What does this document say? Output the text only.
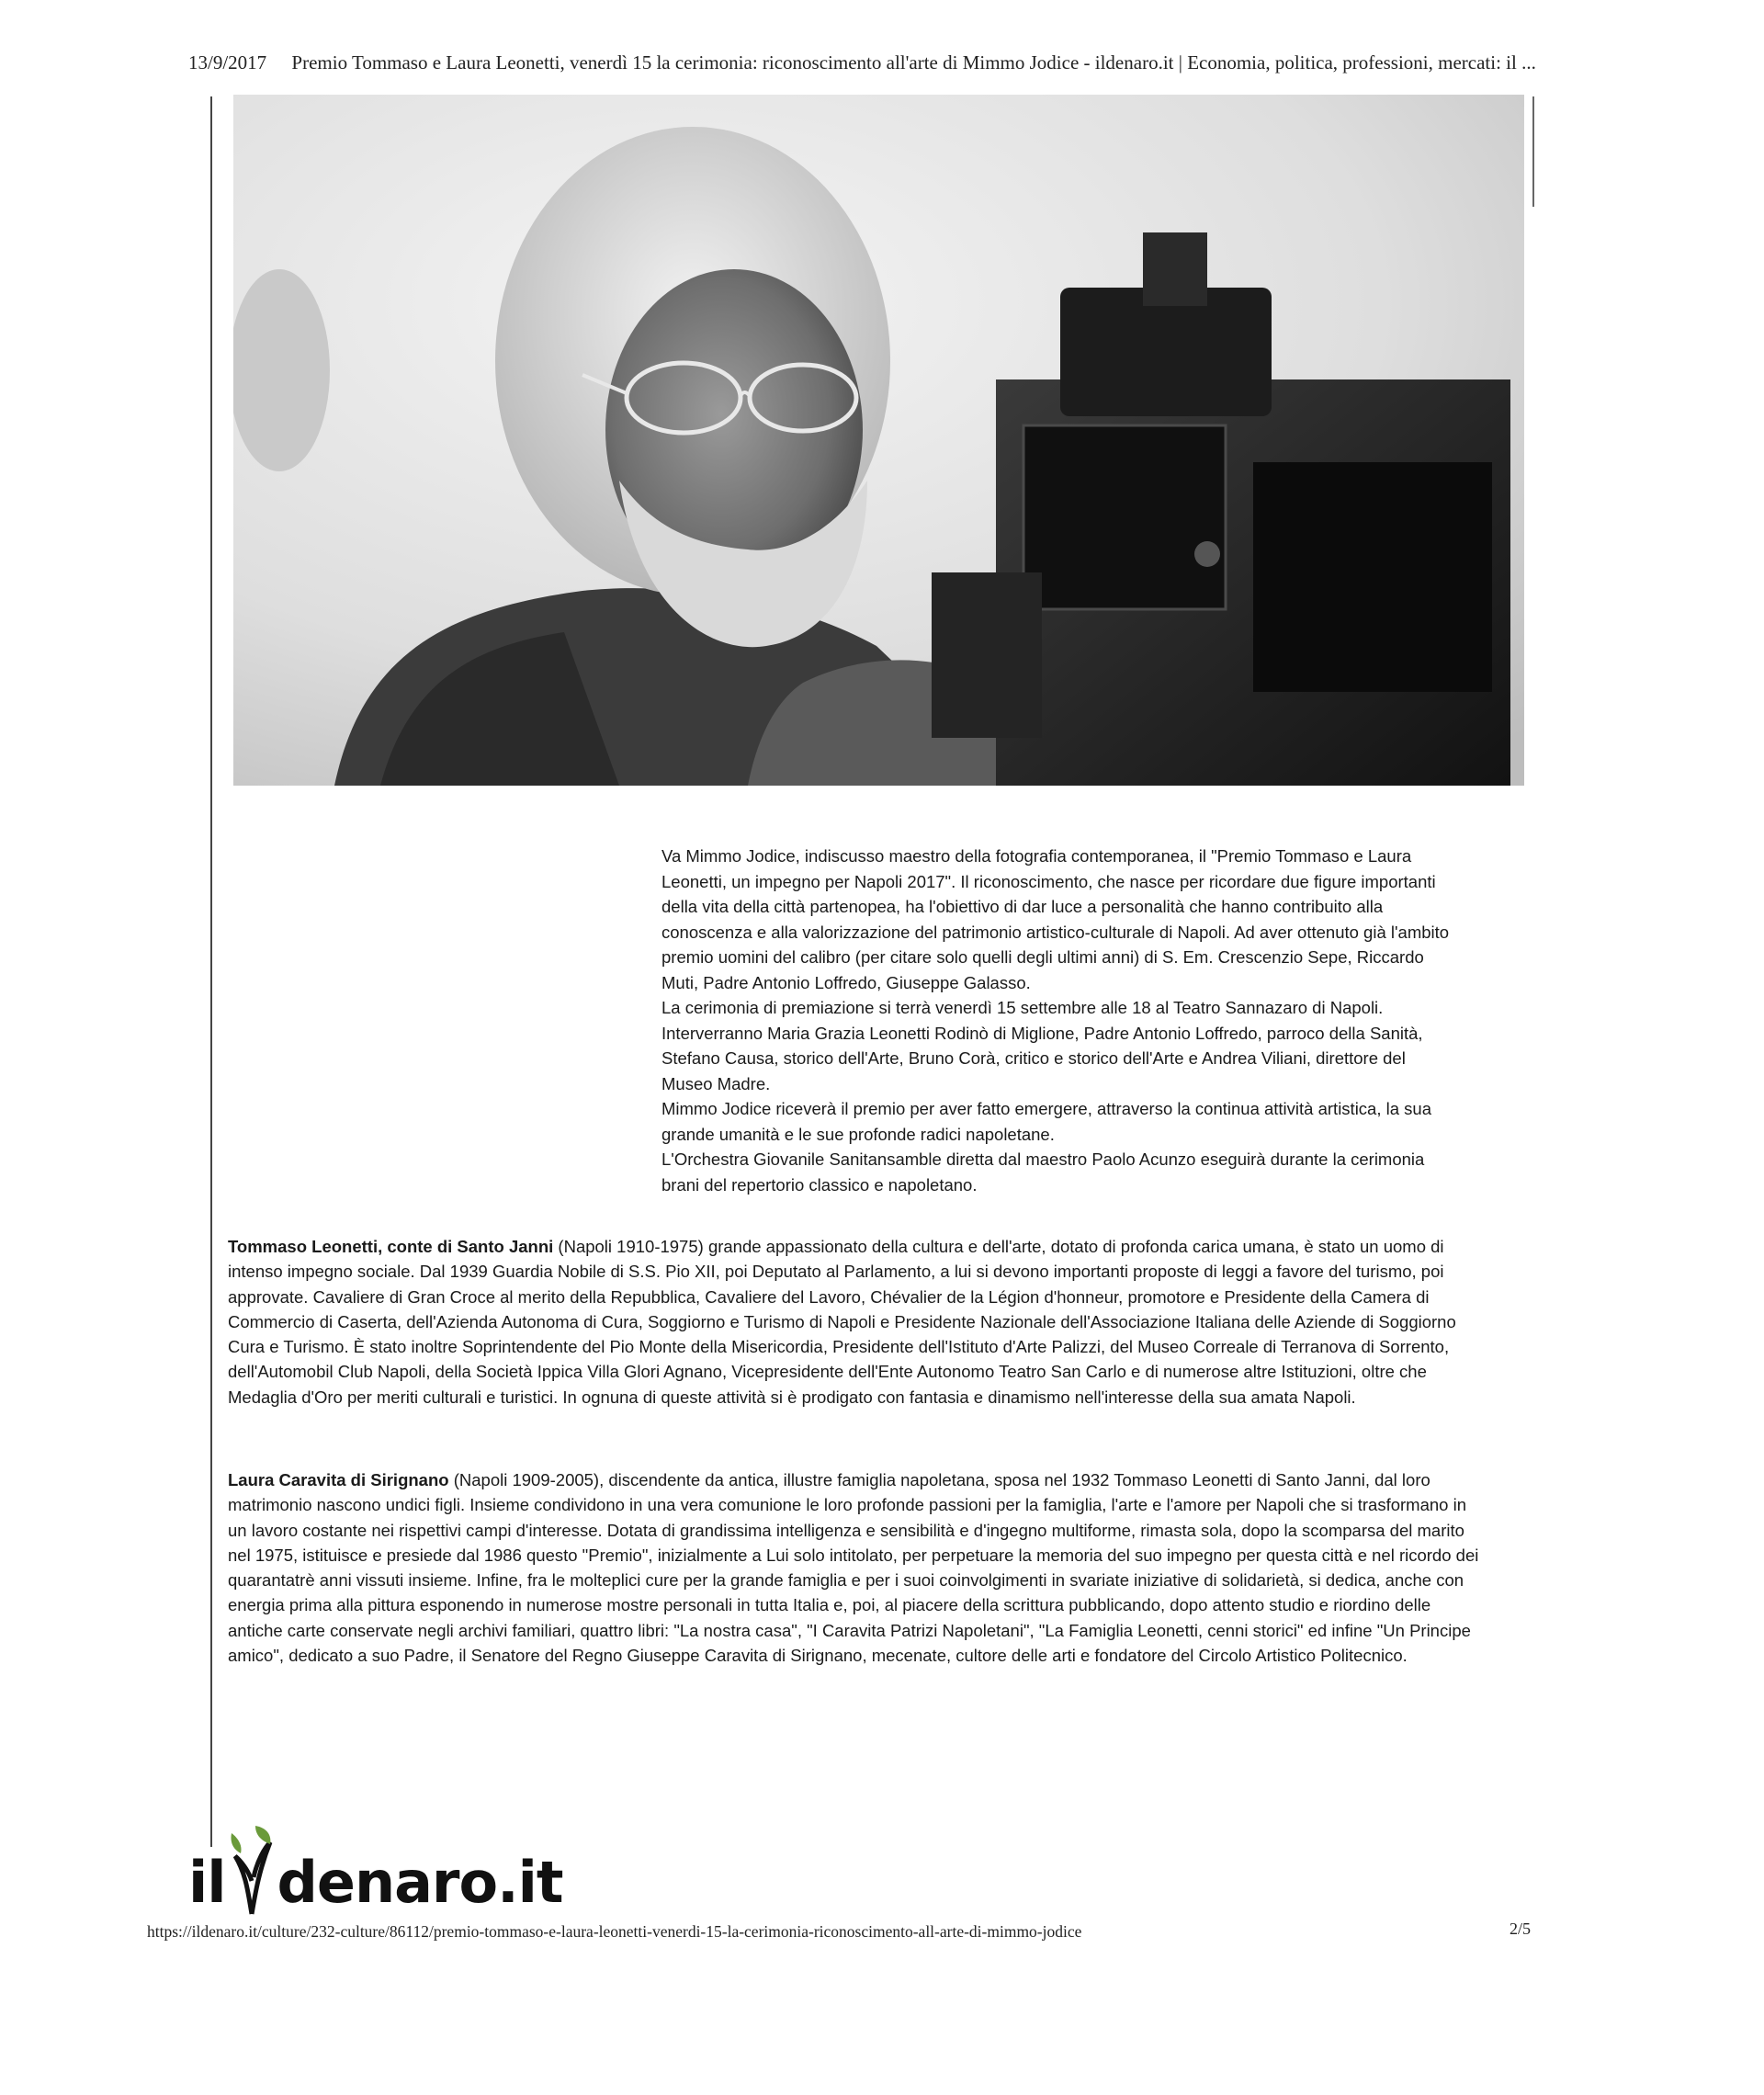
13/9/2017 Premio Tommaso e Laura Leonetti, venerdì 15 la cerimonia: riconoscimento all'arte di Mimmo Jodice - ildenaro.it | Economia, politica, professioni, mercati: il ...

Va Mimmo Jodice, indiscusso maestro della fotografia contemporanea, il "Premio Tommaso e Laura Leonetti, un impegno per Napoli 2017". Il riconoscimento, che nasce per ricordare due figure importanti della vita della città partenopea, ha l'obiettivo di dar luce a personalità che hanno contribuito alla conoscenza e alla valorizzazione del patrimonio artistico-culturale di Napoli. Ad aver ottenuto già l'ambito premio uomini del calibro (per citare solo quelli degli ultimi anni) di S. Em. Crescenzio Sepe, Riccardo Muti, Padre Antonio Loffredo, Giuseppe Galasso.

La cerimonia di premiazione si terrà venerdì 15 settembre alle 18 al Teatro Sannazaro di Napoli. Interverranno Maria Grazia Leonetti Rodinò di Miglione, Padre Antonio Loffredo, parroco della Sanità, Stefano Causa, storico dell'Arte, Bruno Corà, critico e storico dell'Arte e Andrea Viliani, direttore del Museo Madre.

Mimmo Jodice riceverà il premio per aver fatto emergere, attraverso la continua attività artistica, la sua grande umanità e le sue profonde radici napoletane.

L'Orchestra Giovanile Sanitansamble diretta dal maestro Paolo Acunzo eseguirà durante la cerimonia brani del repertorio classico e napoletano.

Tommaso Leonetti, conte di Santo Janni (Napoli 1910-1975) grande appassionato della cultura e dell'arte, dotato di profonda carica umana, è stato un uomo di intenso impegno sociale. Dal 1939 Guardia Nobile di S.S. Pio XII, poi Deputato al Parlamento, a lui si devono importanti proposte di leggi a favore del turismo, poi approvate. Cavaliere di Gran Croce al merito della Repubblica, Cavaliere del Lavoro, Chévalier de la Légion d'honneur, promotore e Presidente della Camera di Commercio di Caserta, dell'Azienda Autonoma di Cura, Soggiorno e Turismo di Napoli e Presidente Nazionale dell'Associazione Italiana delle Aziende di Soggiorno Cura e Turismo. È stato inoltre Soprintendente del Pio Monte della Misericordia, Presidente dell'Istituto d'Arte Palizzi, del Museo Correale di Terranova di Sorrento, dell'Automobil Club Napoli, della Società Ippica Villa Glori Agnano, Vicepresidente dell'Ente Autonomo Teatro San Carlo e di numerose altre Istituzioni, oltre che Medaglia d'Oro per meriti culturali e turistici. In ognuna di queste attività si è prodigato con fantasia e dinamismo nell'interesse della sua amata Napoli.

Laura Caravita di Sirignano (Napoli 1909-2005), discendente da antica, illustre famiglia napoletana, sposa nel 1932 Tommaso Leonetti di Santo Janni, dal loro matrimonio nascono undici figli. Insieme condividono in una vera comunione le loro profonde passioni per la famiglia, l'arte e l'amore per Napoli che si trasformano in un lavoro costante nei rispettivi campi d'interesse. Dotata di grandissima intelligenza e sensibilità e d'ingegno multiforme, rimasta sola, dopo la scomparsa del marito nel 1975, istituisce e presiede dal 1986 questo "Premio", inizialmente a Lui solo intitolato, per perpetuare la memoria del suo impegno per questa città e nel ricordo dei quarantatrè anni vissuti insieme. Infine, fra le molteplici cure per la grande famiglia e per i suoi coinvolgimenti in svariate iniziative di solidarietà, si dedica, anche con energia prima alla pittura esponendo in numerose mostre personali in tutta Italia e, poi, al piacere della scrittura pubblicando, dopo attento studio e riordino delle antiche carte conservate negli archivi familiari, quattro libri: "La nostra casa", "I Caravita Patrizi Napoletani", "La Famiglia Leonetti, cenni storici" ed infine "Un Principe amico", dedicato a suo Padre, il Senatore del Regno Giuseppe Caravita di Sirignano, mecenate, cultore delle arti e fondatore del Circolo Artistico Politecnico.

il denaro.it
https://ildenaro.it/culture/232-culture/86112/premio-tommaso-e-laura-leonetti-venerdi-15-la-cerimonia-riconoscimento-all-arte-di-mimmo-jodice	2/5
